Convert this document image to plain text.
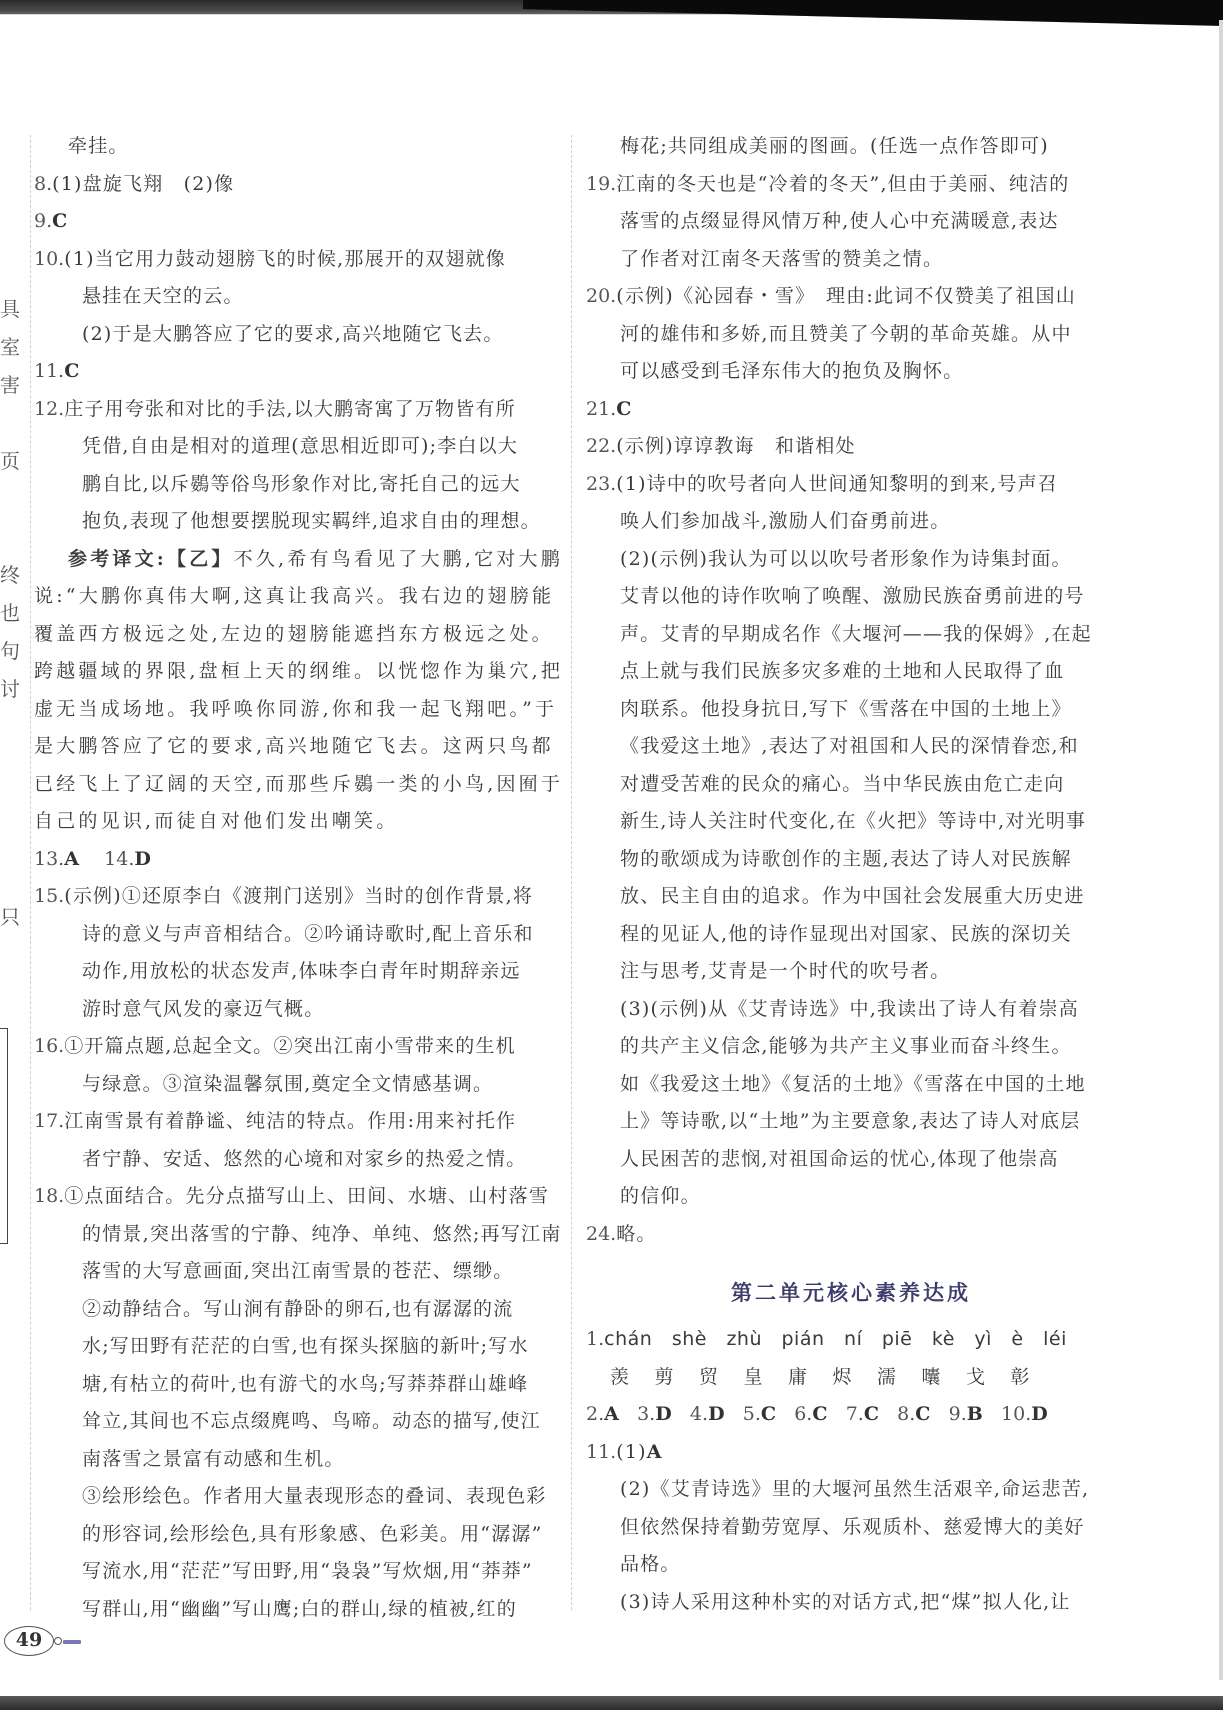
具
室
害
页
终
也
句
讨
只
牵挂。
8.(1)盘旋飞翔　(2)像
9.C
10.(1)当它用力鼓动翅膀飞的时候,那展开的双翅就像
悬挂在天空的云。
(2)于是大鹏答应了它的要求,高兴地随它飞去。
11.C
12.庄子用夸张和对比的手法,以大鹏寄寓了万物皆有所
凭借,自由是相对的道理(意思相近即可);李白以大
鹏自比,以斥鷃等俗鸟形象作对比,寄托自己的远大
抱负,表现了他想要摆脱现实羁绊,追求自由的理想。
参考译文:【乙】不久,希有鸟看见了大鹏,它对大鹏
说:“大鹏你真伟大啊,这真让我高兴。我右边的翅膀能
覆盖西方极远之处,左边的翅膀能遮挡东方极远之处。
跨越疆域的界限,盘桓上天的纲维。以恍惚作为巢穴,把
虚无当成场地。我呼唤你同游,你和我一起飞翔吧。”于
是大鹏答应了它的要求,高兴地随它飞去。这两只鸟都
已经飞上了辽阔的天空,而那些斥鷃一类的小鸟,因囿于
自己的见识,而徒自对他们发出嘲笑。
13.A 14.D
15.(示例)①还原李白《渡荆门送别》当时的创作背景,将
诗的意义与声音相结合。②吟诵诗歌时,配上音乐和
动作,用放松的状态发声,体味李白青年时期辞亲远
游时意气风发的豪迈气概。
16.①开篇点题,总起全文。②突出江南小雪带来的生机
与绿意。③渲染温馨氛围,奠定全文情感基调。
17.江南雪景有着静谧、纯洁的特点。作用:用来衬托作
者宁静、安适、悠然的心境和对家乡的热爱之情。
18.①点面结合。先分点描写山上、田间、水塘、山村落雪
的情景,突出落雪的宁静、纯净、单纯、悠然;再写江南
落雪的大写意画面,突出江南雪景的苍茫、缥缈。
②动静结合。写山涧有静卧的卵石,也有潺潺的流
水;写田野有茫茫的白雪,也有探头探脑的新叶;写水
塘,有枯立的荷叶,也有游弋的水鸟;写莽莽群山雄峰
耸立,其间也不忘点缀麂鸣、鸟啼。动态的描写,使江
南落雪之景富有动感和生机。
③绘形绘色。作者用大量表现形态的叠词、表现色彩
的形容词,绘形绘色,具有形象感、色彩美。用“潺潺”
写流水,用“茫茫”写田野,用“袅袅”写炊烟,用“莽莽”
写群山,用“幽幽”写山鹰;白的群山,绿的植被,红的
梅花;共同组成美丽的图画。(任选一点作答即可)
19.江南的冬天也是“冷着的冬天”,但由于美丽、纯洁的
落雪的点缀显得风情万种,使人心中充满暖意,表达
了作者对江南冬天落雪的赞美之情。
20.(示例)《沁园春・雪》　理由:此词不仅赞美了祖国山
河的雄伟和多娇,而且赞美了今朝的革命英雄。从中
可以感受到毛泽东伟大的抱负及胸怀。
21.C
22.(示例)谆谆教诲　和谐相处
23.(1)诗中的吹号者向人世间通知黎明的到来,号声召
唤人们参加战斗,激励人们奋勇前进。
(2)(示例)我认为可以以吹号者形象作为诗集封面。
艾青以他的诗作吹响了唤醒、激励民族奋勇前进的号
声。艾青的早期成名作《大堰河——我的保姆》,在起
点上就与我们民族多灾多难的土地和人民取得了血
肉联系。他投身抗日,写下《雪落在中国的土地上》
《我爱这土地》,表达了对祖国和人民的深情眷恋,和
对遭受苦难的民众的痛心。当中华民族由危亡走向
新生,诗人关注时代变化,在《火把》等诗中,对光明事
物的歌颂成为诗歌创作的主题,表达了诗人对民族解
放、民主自由的追求。作为中国社会发展重大历史进
程的见证人,他的诗作显现出对国家、民族的深切关
注与思考,艾青是一个时代的吹号者。
(3)(示例)从《艾青诗选》中,我读出了诗人有着崇高
的共产主义信念,能够为共产主义事业而奋斗终生。
如《我爱这土地》《复活的土地》《雪落在中国的土地
上》等诗歌,以“土地”为主要意象,表达了诗人对底层
人民困苦的悲悯,对祖国命运的忧心,体现了他崇高
的信仰。
24.略。
第二单元核心素养达成
1.chán　shè　zhù　pián　ní　piē　kè　yì　è　léi
羡 剪 贸 皇 庸 烬 濡 囔 戈 彰
2.A 3.D 4.D 5.C 6.C 7.C 8.C 9.B 10.D
11.(1)A
(2)《艾青诗选》里的大堰河虽然生活艰辛,命运悲苦,
但依然保持着勤劳宽厚、乐观质朴、慈爱博大的美好
品格。
(3)诗人采用这种朴实的对话方式,把“煤”拟人化,让
49
